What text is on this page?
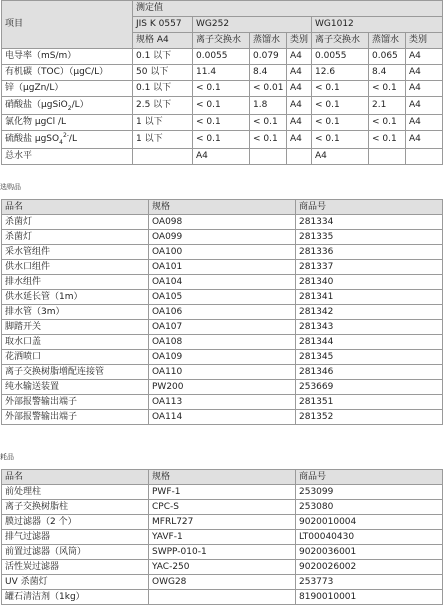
项目	测定值						
	JIS K 0557	WG252			WG1012		
	规格 A4	离子交换水	蒸馏水	类别	离子交换水	蒸馏水	类别
电导率（mS/m）	0.1 以下	0.0055	0.079	A4	0.0055	0.065	A4
有机碳（TOC）（μgC/L）	50 以下	11.4	8.4	A4	12.6	8.4	A4
锌（μgZn/L）	0.1 以下	< 0.1	< 0.01	A4	< 0.1	< 0.1	A4
硝酸盐（μgSiO$_2$/L）	2.5 以下	< 0.1	1.8	A4	< 0.1	2.1	A4
氯化物 μgCl /L	1 以下	< 0.1	< 0.1	A4	< 0.1	< 0.1	A4
硫酸盐 μgSO$_4^{2-}$/L	1 以下	< 0.1	< 0.1	A4	< 0.1	< 0.1	A4
总水平		A4			A4		
选购品
品名	规格	商品号
杀菌灯	OA098	281334
杀菌灯	OA099	281335
采水管组件	OA100	281336
供水口组件	OA101	281337
排水组件	OA104	281340
供水延长管（1m）	OA105	281341
排水管（3m）	OA106	281342
脚踏开关	OA107	281343
取水口盖	OA108	281344
花洒喷口	OA109	281345
离子交换树脂增配连接管	OA110	281346
纯水输送装置	PW200	253669
外部报警输出端子	OA113	281351
外部报警输出端子	OA114	281352
耗品
品名	规格	商品号
前处理柱	PWF-1	253099
离子交换树脂柱	CPC-S	253080
膜过滤器（2 个）	MFRL727	9020010004
排气过滤器	YAVF-1	LT00040430
前置过滤器（风筒）	SWPP-010-1	9020036001
活性炭过滤器	YAC-250	9020026002
UV 杀菌灯	OWG28	253773
罐石清洁剂（1kg）		8190010001
